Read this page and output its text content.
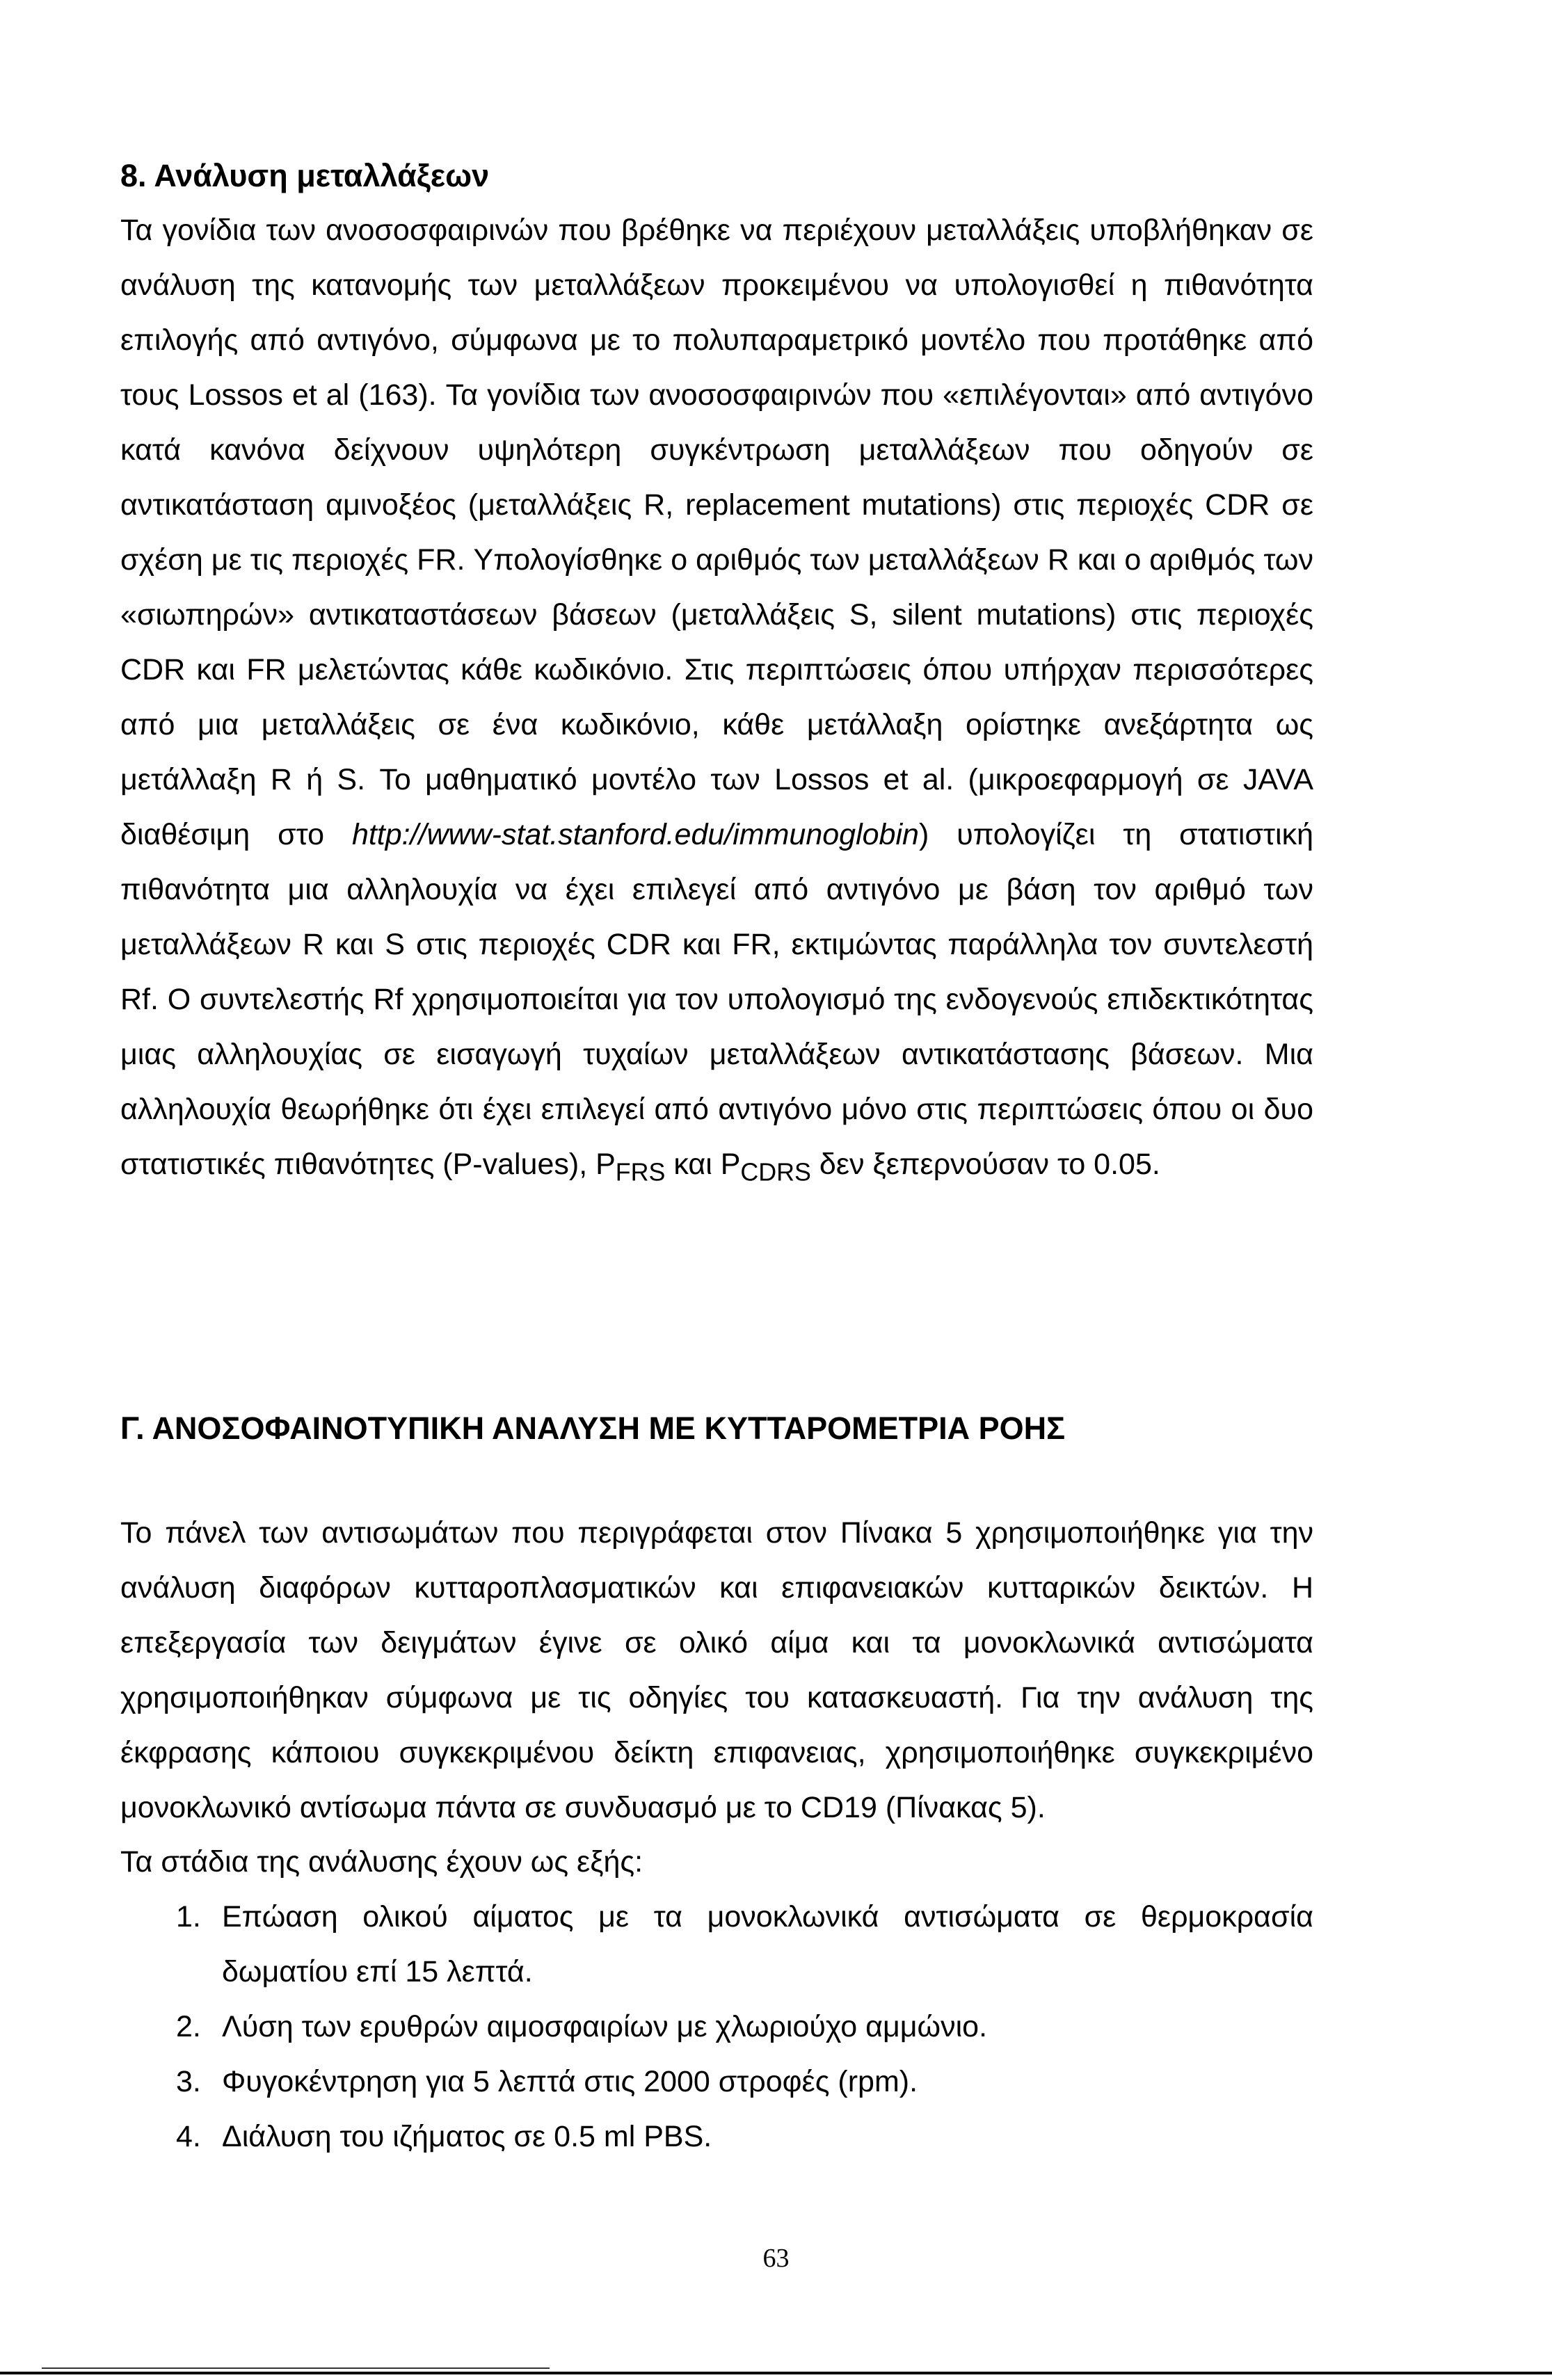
8. Ανάλυση μεταλλάξεων

Τα γονίδια των ανοσοσφαιρινών που βρέθηκε να περιέχουν μεταλλάξεις υποβλήθηκαν σε ανάλυση της κατανομής των μεταλλάξεων προκειμένου να υπολογισθεί η πιθανότητα επιλογής από αντιγόνο, σύμφωνα με το πολυπαραμετρικό μοντέλο που προτάθηκε από τους Lossos et al (163). Τα γονίδια των ανοσοσφαιρινών που «επιλέγονται» από αντιγόνο κατά κανόνα δείχνουν υψηλότερη συγκέντρωση μεταλλάξεων που οδηγούν σε αντικατάσταση αμινοξέος (μεταλλάξεις R, replacement mutations) στις περιοχές CDR σε σχέση με τις περιοχές FR. Υπολογίσθηκε ο αριθμός των μεταλλάξεων R και ο αριθμός των «σιωπηρών» αντικαταστάσεων βάσεων (μεταλλάξεις S, silent mutations) στις περιοχές CDR και FR μελετώντας κάθε κωδικόνιο. Στις περιπτώσεις όπου υπήρχαν περισσότερες από μια μεταλλάξεις σε ένα κωδικόνιο, κάθε μετάλλαξη ορίστηκε ανεξάρτητα ως μετάλλαξη R ή S. Το μαθηματικό μοντέλο των Lossos et al. (μικροεφαρμογή σε JAVA διαθέσιμη στο http://www-stat.stanford.edu/immunoglobin) υπολογίζει τη στατιστική πιθανότητα μια αλληλουχία να έχει επιλεγεί από αντιγόνο με βάση τον αριθμό των μεταλλάξεων R και S στις περιοχές CDR και FR, εκτιμώντας παράλληλα τον συντελεστή Rf. Ο συντελεστής Rf χρησιμοποιείται για τον υπολογισμό της ενδογενούς επιδεκτικότητας μιας αλληλουχίας σε εισαγωγή τυχαίων μεταλλάξεων αντικατάστασης βάσεων. Μια αλληλουχία θεωρήθηκε ότι έχει επιλεγεί από αντιγόνο μόνο στις περιπτώσεις όπου οι δυο στατιστικές πιθανότητες (P-values), $P_{FRS}$ και $P_{CDRS}$ δεν ξεπερνούσαν το 0.05.

Γ. ΑΝΟΣΟΦΑΙΝΟΤΥΠΙΚΗ ΑΝΑΛΥΣΗ ΜΕ ΚΥΤΤΑΡΟΜΕΤΡΙΑ ΡΟΗΣ

Το πάνελ των αντισωμάτων που περιγράφεται στον Πίνακα 5 χρησιμοποιήθηκε για την ανάλυση διαφόρων κυτταροπλασματικών και επιφανειακών κυτταρικών δεικτών. Η επεξεργασία των δειγμάτων έγινε σε ολικό αίμα και τα μονοκλωνικά αντισώματα χρησιμοποιήθηκαν σύμφωνα με τις οδηγίες του κατασκευαστή. Για την ανάλυση της έκφρασης κάποιου συγκεκριμένου δείκτη επιφανειας, χρησιμοποιήθηκε συγκεκριμένο μονοκλωνικό αντίσωμα πάντα σε συνδυασμό με το CD19 (Πίνακας 5).

Τα στάδια της ανάλυσης έχουν ως εξής:

1. Επώαση ολικού αίματος με τα μονοκλωνικά αντισώματα σε θερμοκρασία δωματίου επί 15 λεπτά.
2. Λύση των ερυθρών αιμοσφαιρίων με χλωριούχο αμμώνιο.
3. Φυγοκέντρηση για 5 λεπτά στις 2000 στροφές (rpm).
4. Διάλυση του ιζήματος σε 0.5 ml PBS.

63
